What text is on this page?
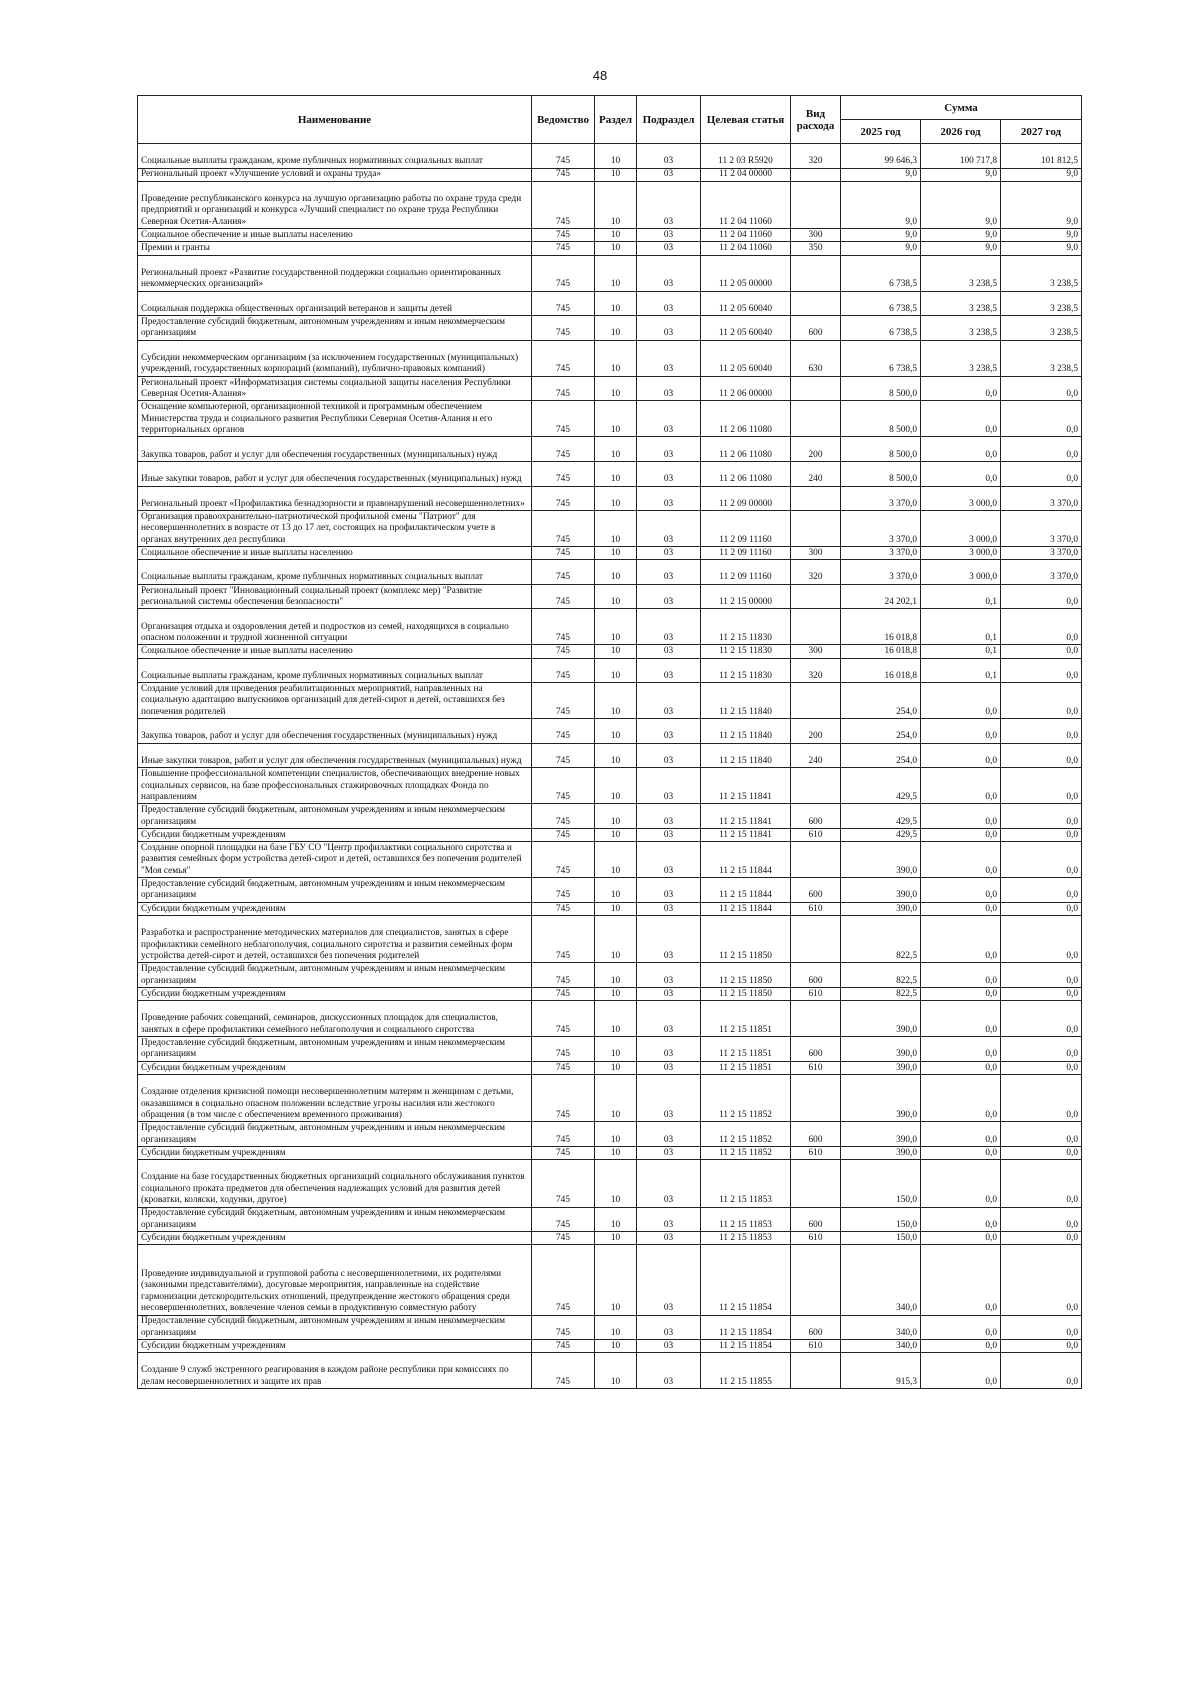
48
Наименование	Ведомство	Раздел	Подраздел	Целевая статья	Вид расхода	Сумма		
						2025 год	2026 год	2027 год
Социальные выплаты гражданам, кроме публичных нормативных социальных выплат	745	10	03	11 2 03 R5920	320	99 646,3	100 717,8	101 812,5
Региональный проект «Улучшение условий и охраны труда»	745	10	03	11 2 04 00000		9,0	9,0	9,0
Проведение республиканского конкурса на лучшую организацию работы по охране труда среди предприятий и организаций и конкурса «Лучший специалист по охране труда Республики Северная Осетия-Алания»	745	10	03	11 2 04 11060		9,0	9,0	9,0
Социальное обеспечение и иные выплаты населению	745	10	03	11 2 04 11060	300	9,0	9,0	9,0
Премии и гранты	745	10	03	11 2 04 11060	350	9,0	9,0	9,0
Региональный проект «Развитие государственной поддержки социально ориентированных некоммерческих организаций»	745	10	03	11 2 05 00000		6 738,5	3 238,5	3 238,5
Социальная поддержка общественных организаций ветеранов и защиты детей	745	10	03	11 2 05 60040		6 738,5	3 238,5	3 238,5
Предоставление субсидий бюджетным, автономным учреждениям и иным некоммерческим организациям	745	10	03	11 2 05 60040	600	6 738,5	3 238,5	3 238,5
Субсидии некоммерческим организациям (за исключением государственных (муниципальных) учреждений, государственных корпораций (компаний), публично-правовых компаний)	745	10	03	11 2 05 60040	630	6 738,5	3 238,5	3 238,5
Региональный проект «Информатизация системы социальной защиты населения Республики Северная Осетия-Алания»	745	10	03	11 2 06 00000		8 500,0	0,0	0,0
Оснащение компьютерной, организационной техникой и программным обеспечением Министерства труда и социального развития Республики Северная Осетия-Алания и его территориальных органов	745	10	03	11 2 06 11080		8 500,0	0,0	0,0
Закупка товаров, работ и услуг для обеспечения государственных (муниципальных) нужд	745	10	03	11 2 06 11080	200	8 500,0	0,0	0,0
Иные закупки товаров, работ и услуг для обеспечения государственных (муниципальных) нужд	745	10	03	11 2 06 11080	240	8 500,0	0,0	0,0
Региональный проект «Профилактика безнадзорности и правонарушений несовершеннолетних»	745	10	03	11 2 09 00000		3 370,0	3 000,0	3 370,0
Организация правоохранительно-патриотической профильной смены "Патриот" для несовершеннолетних в возрасте от 13 до 17 лет, состоящих на профилактическом учете в органах внутренних дел республики	745	10	03	11 2 09 11160		3 370,0	3 000,0	3 370,0
Социальное обеспечение и иные выплаты населению	745	10	03	11 2 09 11160	300	3 370,0	3 000,0	3 370,0
Социальные выплаты гражданам, кроме публичных нормативных социальных выплат	745	10	03	11 2 09 11160	320	3 370,0	3 000,0	3 370,0
Региональный проект "Инновационный социальный проект (комплекс мер) "Развитие региональной системы обеспечения безопасности"	745	10	03	11 2 15 00000		24 202,1	0,1	0,0
Организация отдыха и оздоровления детей и подростков из семей, находящихся в социально опасном положении и трудной жизненной ситуации	745	10	03	11 2 15 11830		16 018,8	0,1	0,0
Социальное обеспечение и иные выплаты населению	745	10	03	11 2 15 11830	300	16 018,8	0,1	0,0
Социальные выплаты гражданам, кроме публичных нормативных социальных выплат	745	10	03	11 2 15 11830	320	16 018,8	0,1	0,0
Создание условий для проведения реабилитационных мероприятий, направленных на социальную адаптацию выпускников организаций для детей-сирот и детей, оставшихся без попечения родителей	745	10	03	11 2 15 11840		254,0	0,0	0,0
Закупка товаров, работ и услуг для обеспечения государственных (муниципальных) нужд	745	10	03	11 2 15 11840	200	254,0	0,0	0,0
Иные закупки товаров, работ и услуг для обеспечения государственных (муниципальных) нужд	745	10	03	11 2 15 11840	240	254,0	0,0	0,0
Повышение профессиональной компетенции специалистов, обеспечивающих внедрение новых социальных сервисов, на базе профессиональных стажировочных площадках Фонда по направлениям	745	10	03	11 2 15 11841		429,5	0,0	0,0
Предоставление субсидий бюджетным, автономным учреждениям и иным некоммерческим организациям	745	10	03	11 2 15 11841	600	429,5	0,0	0,0
Субсидии бюджетным учреждениям	745	10	03	11 2 15 11841	610	429,5	0,0	0,0
Создание опорной площадки на базе ГБУ СО "Центр профилактики социального сиротства и развития семейных форм устройства детей-сирот и детей, оставшихся без попечения родителей "Моя семья"	745	10	03	11 2 15 11844		390,0	0,0	0,0
Предоставление субсидий бюджетным, автономным учреждениям и иным некоммерческим организациям	745	10	03	11 2 15 11844	600	390,0	0,0	0,0
Субсидии бюджетным учреждениям	745	10	03	11 2 15 11844	610	390,0	0,0	0,0
Разработка и распространение методических материалов для специалистов, занятых в сфере профилактики семейного неблагополучия, социального сиротства и развития семейных форм устройства детей-сирот и детей, оставшихся без попечения родителей	745	10	03	11 2 15 11850		822,5	0,0	0,0
Предоставление субсидий бюджетным, автономным учреждениям и иным некоммерческим организациям	745	10	03	11 2 15 11850	600	822,5	0,0	0,0
Субсидии бюджетным учреждениям	745	10	03	11 2 15 11850	610	822,5	0,0	0,0
Проведение рабочих совещаний, семинаров, дискуссионных площадок для специалистов, занятых в сфере профилактики семейного неблагополучия и социального сиротства	745	10	03	11 2 15 11851		390,0	0,0	0,0
Предоставление субсидий бюджетным, автономным учреждениям и иным некоммерческим организациям	745	10	03	11 2 15 11851	600	390,0	0,0	0,0
Субсидии бюджетным учреждениям	745	10	03	11 2 15 11851	610	390,0	0,0	0,0
Создание отделения кризисной помощи несовершеннолетним матерям и женщинам с детьми, оказавшимся в социально опасном положении вследствие угрозы насилия или жестокого обращения (в том числе с обеспечением временного проживания)	745	10	03	11 2 15 11852		390,0	0,0	0,0
Предоставление субсидий бюджетным, автономным учреждениям и иным некоммерческим организациям	745	10	03	11 2 15 11852	600	390,0	0,0	0,0
Субсидии бюджетным учреждениям	745	10	03	11 2 15 11852	610	390,0	0,0	0,0
Создание на базе государственных бюджетных организаций социального обслуживания пунктов социального проката предметов для обеспечения надлежащих условий для развития детей (кроватки, коляски, ходунки, другое)	745	10	03	11 2 15 11853		150,0	0,0	0,0
Предоставление субсидий бюджетным, автономным учреждениям и иным некоммерческим организациям	745	10	03	11 2 15 11853	600	150,0	0,0	0,0
Субсидии бюджетным учреждениям	745	10	03	11 2 15 11853	610	150,0	0,0	0,0
Проведение индивидуальной и групповой работы с несовершеннолетними, их родителями (законными представителями), досуговые мероприятия, направленные на содействие гармонизации детскородительских отношений, предупреждение жестокого обращения среди несовершеннолетних, вовлечение членов семьи в продуктивную совместную работу	745	10	03	11 2 15 11854		340,0	0,0	0,0
Предоставление субсидий бюджетным, автономным учреждениям и иным некоммерческим организациям	745	10	03	11 2 15 11854	600	340,0	0,0	0,0
Субсидии бюджетным учреждениям	745	10	03	11 2 15 11854	610	340,0	0,0	0,0
Создание 9 служб экстренного реагирования в каждом районе республики при комиссиях по делам несовершеннолетних и защите их прав	745	10	03	11 2 15 11855		915,3	0,0	0,0
